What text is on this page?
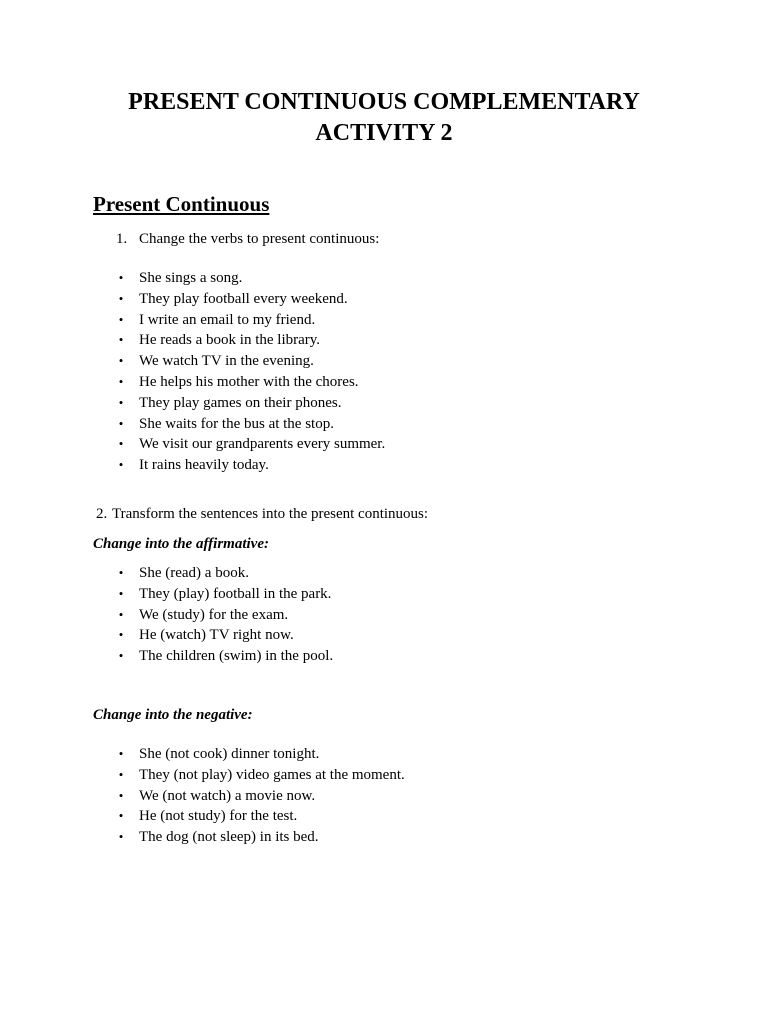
PRESENT CONTINUOUS COMPLEMENTARY
ACTIVITY 2
Present Continuous

1. Change the verbs to present continuous:

• She sings a song.
• They play football every weekend.
• I write an email to my friend.
• He reads a book in the library.
• We watch TV in the evening.
• He helps his mother with the chores.
• They play games on their phones.
• She waits for the bus at the stop.
• We visit our grandparents every summer.
• It rains heavily today.

2. Transform the sentences into the present continuous:

Change into the affirmative:

• She (read) a book.
• They (play) football in the park.
• We (study) for the exam.
• He (watch) TV right now.
• The children (swim) in the pool.

Change into the negative:

• She (not cook) dinner tonight.
• They (not play) video games at the moment.
• We (not watch) a movie now.
• He (not study) for the test.
• The dog (not sleep) in its bed.
